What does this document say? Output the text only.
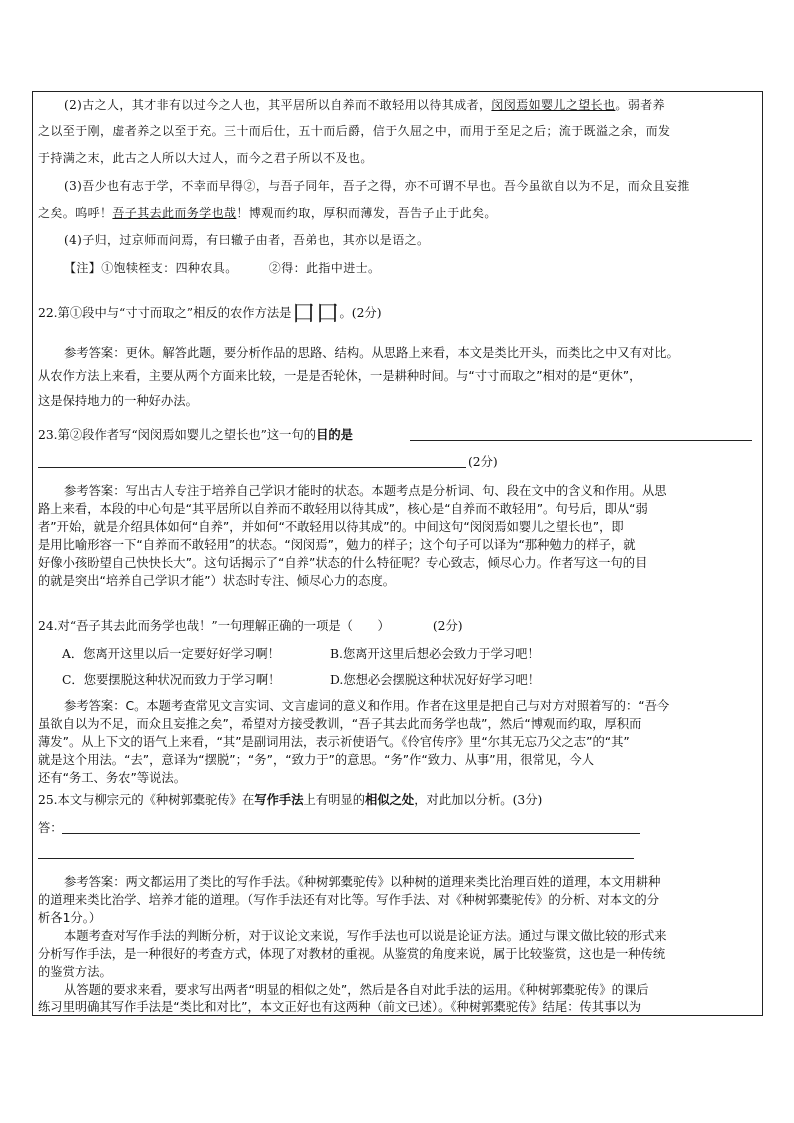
(2)古之人，其才非有以过今之人也，其平居所以自养而不敢轻用以待其成者，闵闵焉如婴儿之望长也。弱者养
之以至于刚，虚者养之以至于充。三十而后仕，五十而后爵，信于久屈之中，而用于至足之后；流于既溢之余，而发
于持满之末，此古之人所以大过人，而今之君子所以不及也。
(3)吾少也有志于学，不幸而早得②，与吾子同年，吾子之得，亦不可谓不早也。吾今虽欲自以为不足，而众且妄推
之矣。呜呼！吾子其去此而务学也哉！博观而约取，厚积而薄发，吾告子止于此矣。
(4)子归，过京师而问焉，有曰辙子由者，吾弟也，其亦以是语之。
【注】①饱犊桎支：四种农具。　　　②得：此指中进士。
22.第①段中与“寸寸而取之”相反的农作方法是口口。(2分)
参考答案：更休。解答此题，要分析作品的思路、结构。从思路上来看，本文是类比开头，而类比之中又有对比。
从农作方法上来看，主要从两个方面来比较，一是是否轮休，一是耕种时间。与“寸寸而取之”相对的是“更休”，
这是保持地力的一种好办法。
23.第②段作者写“闵闵焉如婴儿之望长也”这一句的目的是
(2分)
参考答案：写出古人专注于培养自己学识才能时的状态。本题考点是分析词、句、段在文中的含义和作用。从思
路上来看，本段的中心句是“其平居所以自养而不敢轻用以待其成”，核心是“自养而不敢轻用”。句号后，即从“弱
者”开始，就是介绍具体如何“自养”，并如何“不敢轻用以待其成”的。中间这句“闵闵焉如婴儿之望长也”，即
是用比喻形容一下“自养而不敢轻用”的状态。“闵闵焉”，勉力的样子；这个句子可以译为“那种勉力的样子，就
好像小孩盼望自己快快长大”。这句话揭示了“自养”状态的什么特征呢？专心致志，倾尽心力。作者写这一句的目
的就是突出“培养自己学识才能”）状态时专注、倾尽心力的态度。
24.对“吾子其去此而务学也哉！”一句理解正确的一项是（　　）　　　　(2分)
A．您离开这里以后一定要好好学习啊！	B.您离开这里后想必会致力于学习吧！
C．您要摆脱这种状况而致力于学习啊！	D.您想必会摆脱这种状况好好学习吧！
参考答案：C。本题考查常见文言实词、文言虚词的意义和作用。作者在这里是把自己与对方对照着写的：“吾今
虽欲自以为不足，而众且妄推之矣”，希望对方接受教训，“吾子其去此而务学也哉”，然后“博观而约取，厚积而
薄发”。从上下文的语气上来看，“其”是副词用法，表示祈使语气。《伶官传序》里“尔其无忘乃父之志”的“其”
就是这个用法。“去”，意译为“摆脱”；“务”，“致力于”的意思。“务”作“致力、从事”用，很常见，今人
还有“务工、务农”等说法。
25.本文与柳宗元的《种树郭橐驼传》在写作手法上有明显的相似之处，对此加以分析。(3分)
答：
参考答案：两文都运用了类比的写作手法。《种树郭橐驼传》以种树的道理来类比治理百姓的道理，本文用耕种
的道理来类比治学、培养才能的道理。（写作手法还有对比等。写作手法、对《种树郭橐驼传》的分析、对本文的分
析各1分。）
本题考查对写作手法的判断分析，对于议论文来说，写作手法也可以说是论证方法。通过与课文做比较的形式来
分析写作手法，是一种很好的考查方式，体现了对教材的重视。从鉴赏的角度来说，属于比较鉴赏，这也是一种传统
的鉴赏方法。
从答题的要求来看，要求写出两者“明显的相似之处”，然后是各自对此手法的运用。《种树郭橐驼传》的课后
练习里明确其写作手法是“类比和对比”，本文正好也有这两种（前文已述）。《种树郭橐驼传》结尾：传其事以为
